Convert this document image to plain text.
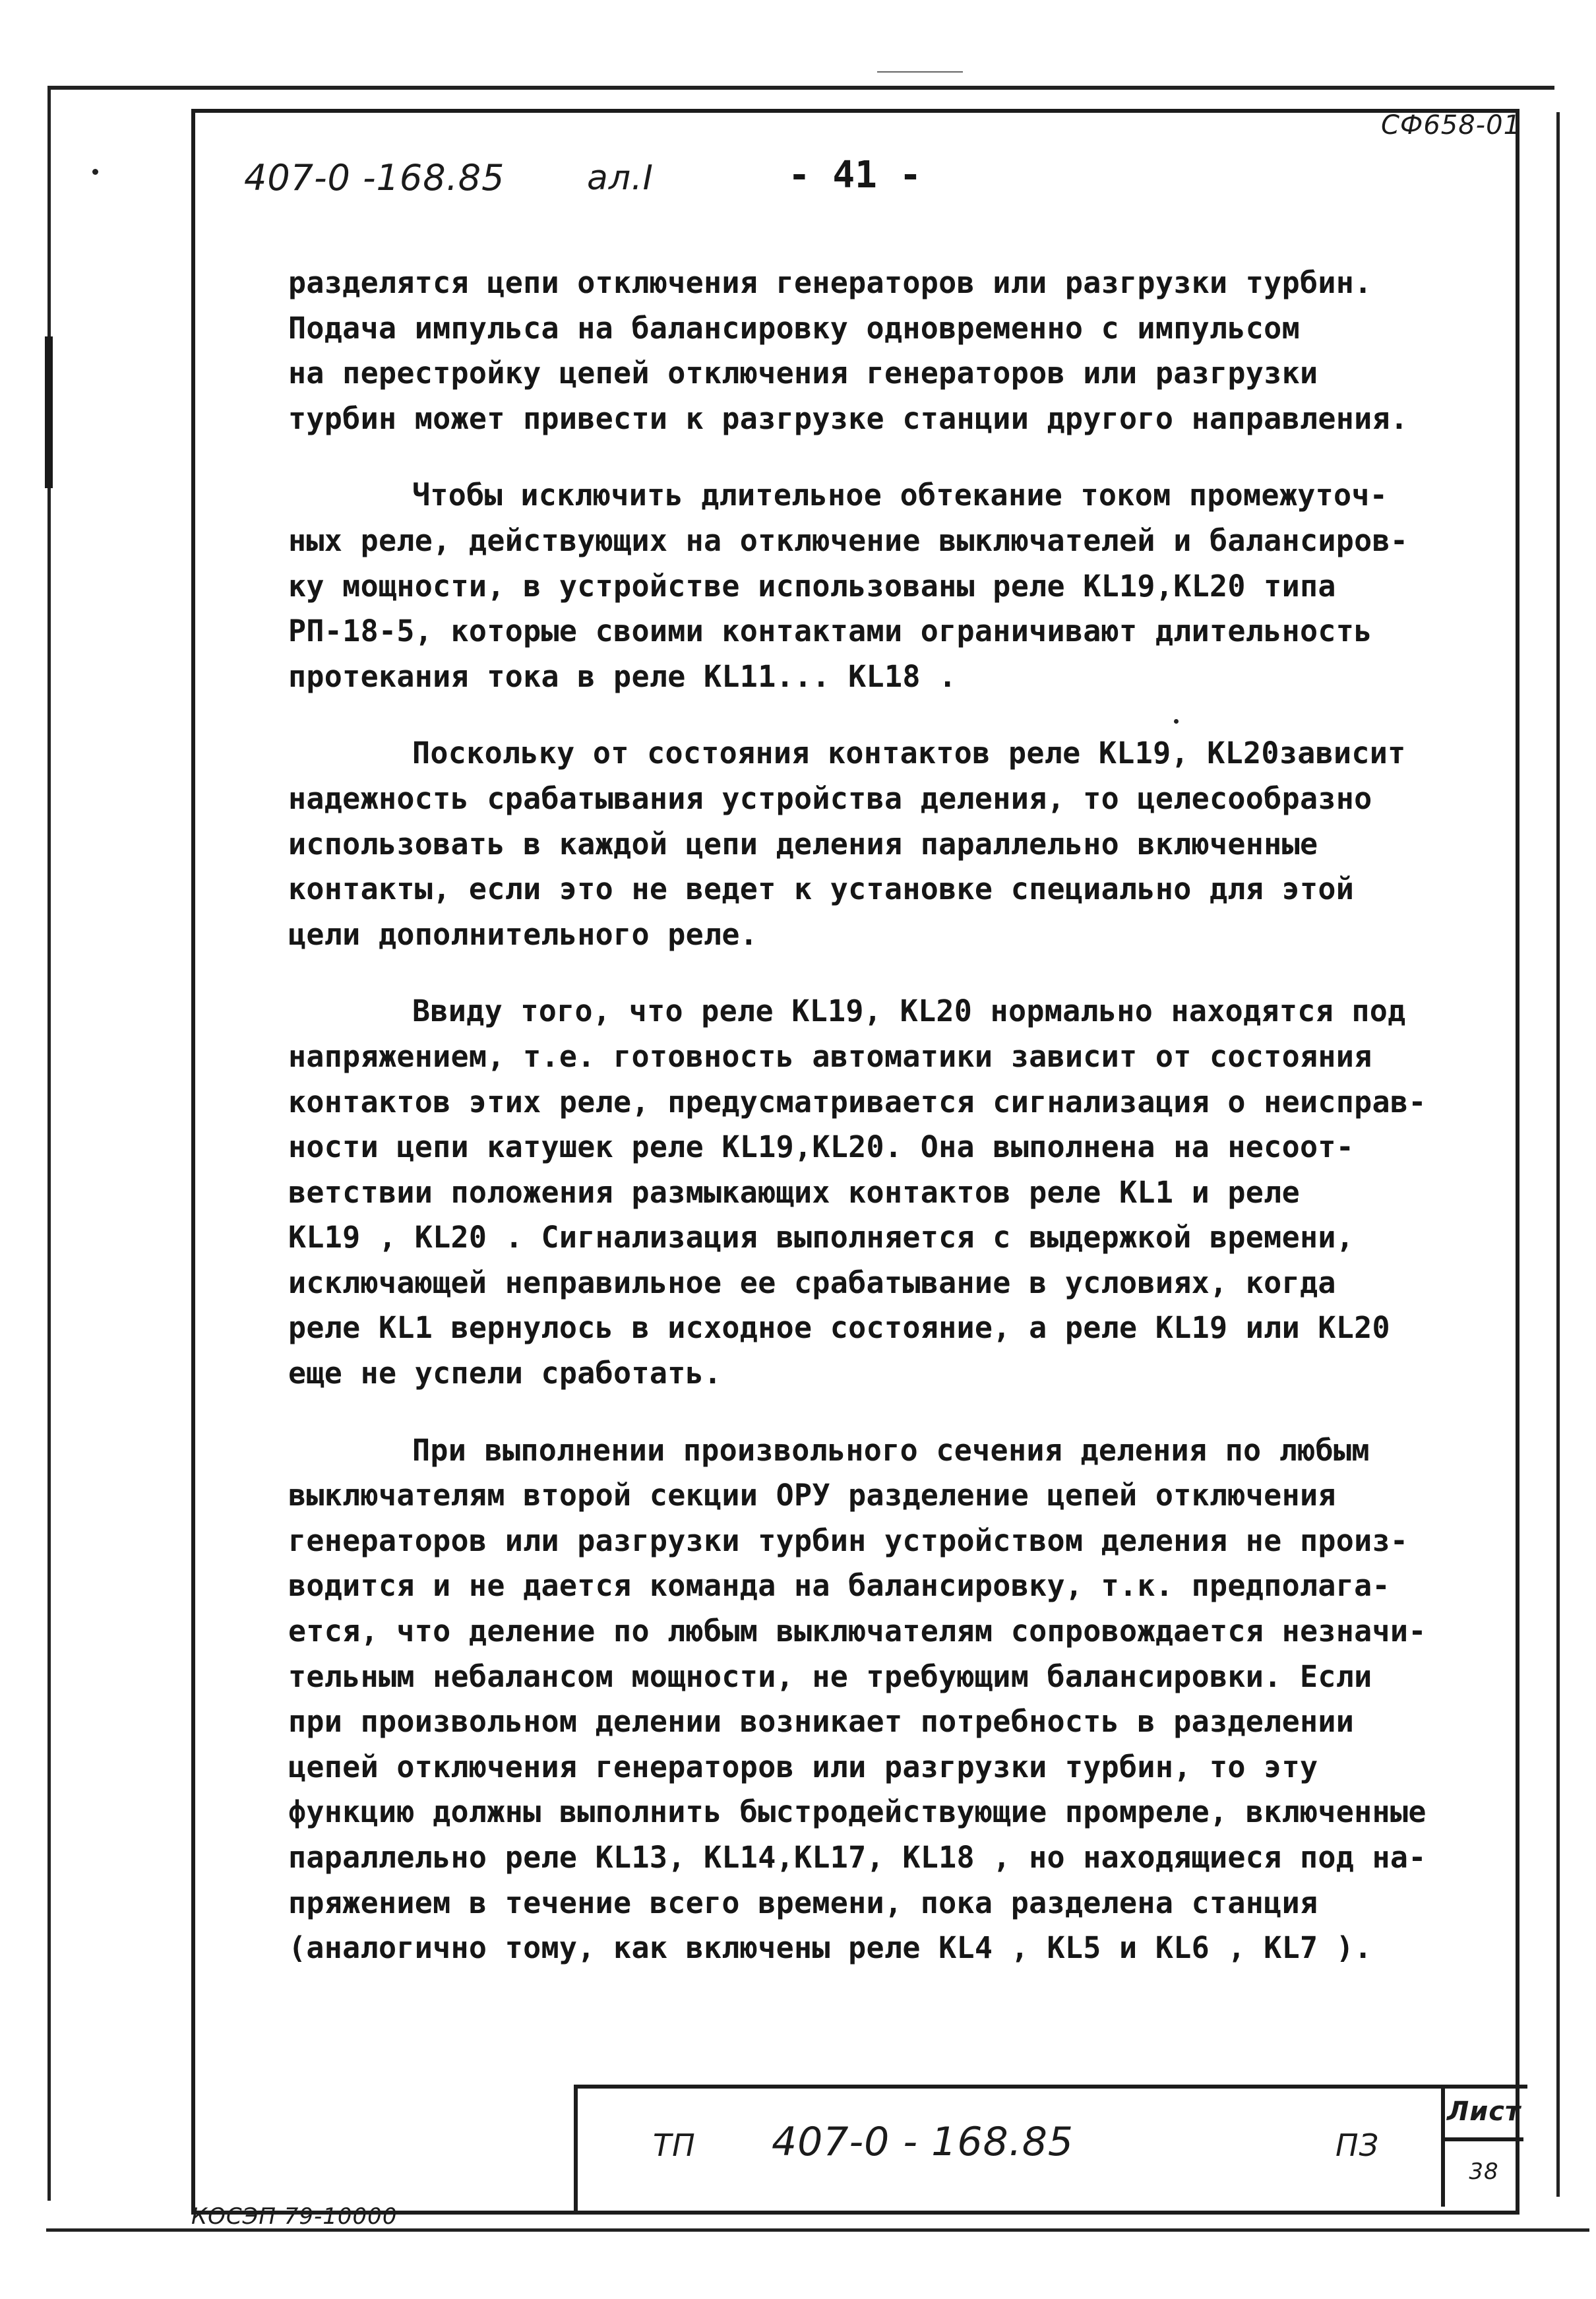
СФ658-01
407-0 -168.85 ал.I	- 41 -
разделятся цепи отключения генераторов или разгрузки турбин.
Подача импульса на балансировку одновременно с импульсом
на перестройку цепей отключения генераторов или разгрузки
турбин может привести к разгрузке станции другого направления.
Чтобы исключить длительное обтекание током промежуточ-
ных реле, действующих на отключение выключателей и балансиров-
ку мощности, в устройстве использованы реле KL19,KL20 типа
РП-18-5, которые своими контактами ограничивают длительность
протекания тока в реле KL11... KL18 .
Поскольку от состояния контактов реле KL19, KL20зависит
надежность срабатывания устройства деления, то целесообразно
использовать в каждой цепи деления параллельно включенные
контакты, если это не ведет к установке специально для этой
цели дополнительного реле.
Ввиду того, что реле KL19, KL20 нормально находятся под
напряжением, т.е. готовность автоматики зависит от состояния
контактов этих реле, предусматривается сигнализация о неисправ-
ности цепи катушек реле KL19,KL20. Она выполнена на несоот-
ветствии положения размыкающих контактов реле KL1 и реле
KL19 , KL20 . Сигнализация выполняется с выдержкой времени,
исключающей неправильное ее срабатывание в условиях, когда
реле KL1 вернулось в исходное состояние, а реле KL19 или KL20
еще не успели сработать.
При выполнении произвольного сечения деления по любым
выключателям второй секции ОРУ разделение цепей отключения
генераторов или разгрузки турбин устройством деления не произ-
водится и не дается команда на балансировку, т.к. предполага-
ется, что деление по любым выключателям сопровождается незначи-
тельным небалансом мощности, не требующим балансировки. Если
при произвольном делении возникает потребность в разделении
цепей отключения генераторов или разгрузки турбин, то эту
функцию должны выполнить быстродействующие промреле, включенные
параллельно реле KL13, KL14,KL17, KL18 , но находящиеся под на-
пряжением в течение всего времени, пока разделена станция
(аналогично тому, как включены реле KL4 , KL5 и KL6 , KL7 ).
ТП 407-0 - 168.85	ПЗ
Лист
38
КОСЭП 79-10000
